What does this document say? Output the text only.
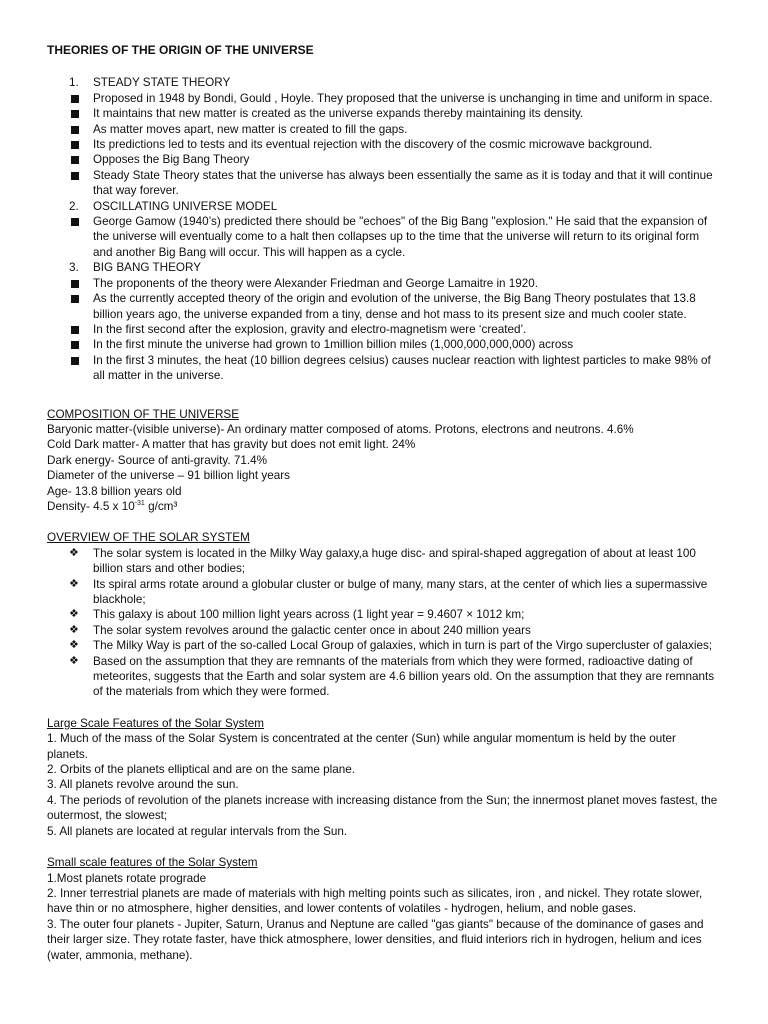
THEORIES OF THE ORIGIN OF THE UNIVERSE
1. STEADY STATE THEORY
Proposed in 1948 by Bondi, Gould , Hoyle. They proposed that the universe is unchanging in time and uniform in space.
It maintains that new matter is created as the universe expands thereby maintaining its density.
As matter moves apart, new matter is created to fill the gaps.
Its predictions led to tests and its eventual rejection with the discovery of the cosmic microwave background.
Opposes the Big Bang Theory
Steady State Theory states that the universe has always been essentially the same as it is today and that it will continue that way forever.
2. OSCILLATING UNIVERSE MODEL
George Gamow (1940’s) predicted there should be "echoes" of the Big Bang "explosion." He said that the expansion of the universe will eventually come to a halt then collapses up to the time that the universe will return to its original form and another Big Bang will occur. This will happen as a cycle.
3. BIG BANG THEORY
The proponents of the theory were Alexander Friedman and George Lamaitre in 1920.
As the currently accepted theory of the origin and evolution of the universe, the Big Bang Theory postulates that 13.8 billion years ago, the universe expanded from a tiny, dense and hot mass to its present size and much cooler state.
In the first second after the explosion, gravity and electro-magnetism were ‘created’.
In the first minute the universe had grown to 1million billion miles (1,000,000,000,000) across
In the first 3 minutes, the heat (10 billion degrees celsius) causes nuclear reaction with lightest particles to make 98% of all matter in the universe.
COMPOSITION OF THE UNIVERSE
Baryonic matter-(visible universe)- An ordinary matter composed of atoms. Protons, electrons and neutrons. 4.6%
Cold Dark matter- A matter that has gravity but does not emit light. 24%
Dark energy- Source of anti-gravity. 71.4%
Diameter of the universe – 91 billion light years
Age- 13.8 billion years old
Density- 4.5 x $10^{-31}$ g/cm³
OVERVIEW OF THE SOLAR SYSTEM
❖ The solar system is located in the Milky Way galaxy,a huge disc- and spiral-shaped aggregation of about at least 100 billion stars and other bodies;
❖ Its spiral arms rotate around a globular cluster or bulge of many, many stars, at the center of which lies a supermassive blackhole;
❖ This galaxy is about 100 million light years across (1 light year = 9.4607 × 1012 km;
❖ The solar system revolves around the galactic center once in about 240 million years
❖ The Milky Way is part of the so-called Local Group of galaxies, which in turn is part of the Virgo supercluster of galaxies;
❖ Based on the assumption that they are remnants of the materials from which they were formed, radioactive dating of meteorites, suggests that the Earth and solar system are 4.6 billion years old. On the assumption that they are remnants of the materials from which they were formed.
Large Scale Features of the Solar System
1. Much of the mass of the Solar System is concentrated at the center (Sun) while angular momentum is held by the outer planets.
2. Orbits of the planets elliptical and are on the same plane.
3. All planets revolve around the sun.
4. The periods of revolution of the planets increase with increasing distance from the Sun; the innermost planet moves fastest, the outermost, the slowest;
5. All planets are located at regular intervals from the Sun.
Small scale features of the Solar System
1.Most planets rotate prograde
2. Inner terrestrial planets are made of materials with high melting points such as silicates, iron , and nickel. They rotate slower, have thin or no atmosphere, higher densities, and lower contents of volatiles - hydrogen, helium, and noble gases.
3. The outer four planets - Jupiter, Saturn, Uranus and Neptune are called "gas giants" because of the dominance of gases and their larger size. They rotate faster, have thick atmosphere, lower densities, and fluid interiors rich in hydrogen, helium and ices (water, ammonia, methane).
